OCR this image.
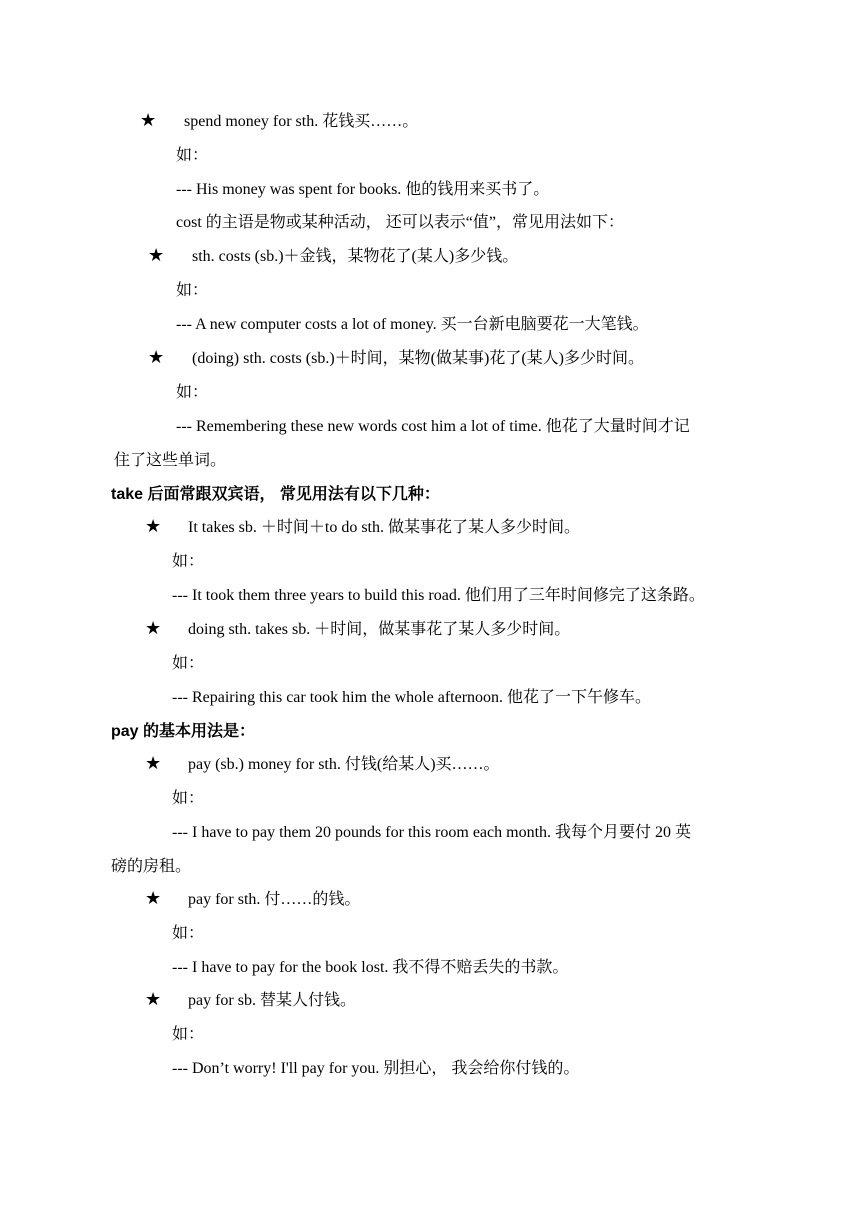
★ spend money for sth. 花钱买……。
如：
--- His money was spent for books. 他的钱用来买书了。
cost 的主语是物或某种活动， 还可以表示“值”，常见用法如下：
★ sth. costs (sb.)＋金钱，某物花了(某人)多少钱。
如：
--- A new computer costs a lot of money. 买一台新电脑要花一大笔钱。
★ (doing) sth. costs (sb.)＋时间，某物(做某事)花了(某人)多少时间。
如：
--- Remembering these new words cost him a lot of time. 他花了大量时间才记
住了这些单词。
take 后面常跟双宾语， 常见用法有以下几种：
★ It takes sb. ＋时间＋to do sth. 做某事花了某人多少时间。
如：
--- It took them three years to build this road. 他们用了三年时间修完了这条路。
★ doing sth. takes sb. ＋时间，做某事花了某人多少时间。
如：
--- Repairing this car took him the whole afternoon. 他花了一下午修车。
pay 的基本用法是：
★ pay (sb.) money for sth. 付钱(给某人)买……。
如：
--- I have to pay them 20 pounds for this room each month. 我每个月要付 20 英
磅的房租。
★ pay for sth. 付……的钱。
如：
--- I have to pay for the book lost. 我不得不赔丢失的书款。
★ pay for sb. 替某人付钱。
如：
--- Don’t worry! I'll pay for you. 别担心， 我会给你付钱的。
